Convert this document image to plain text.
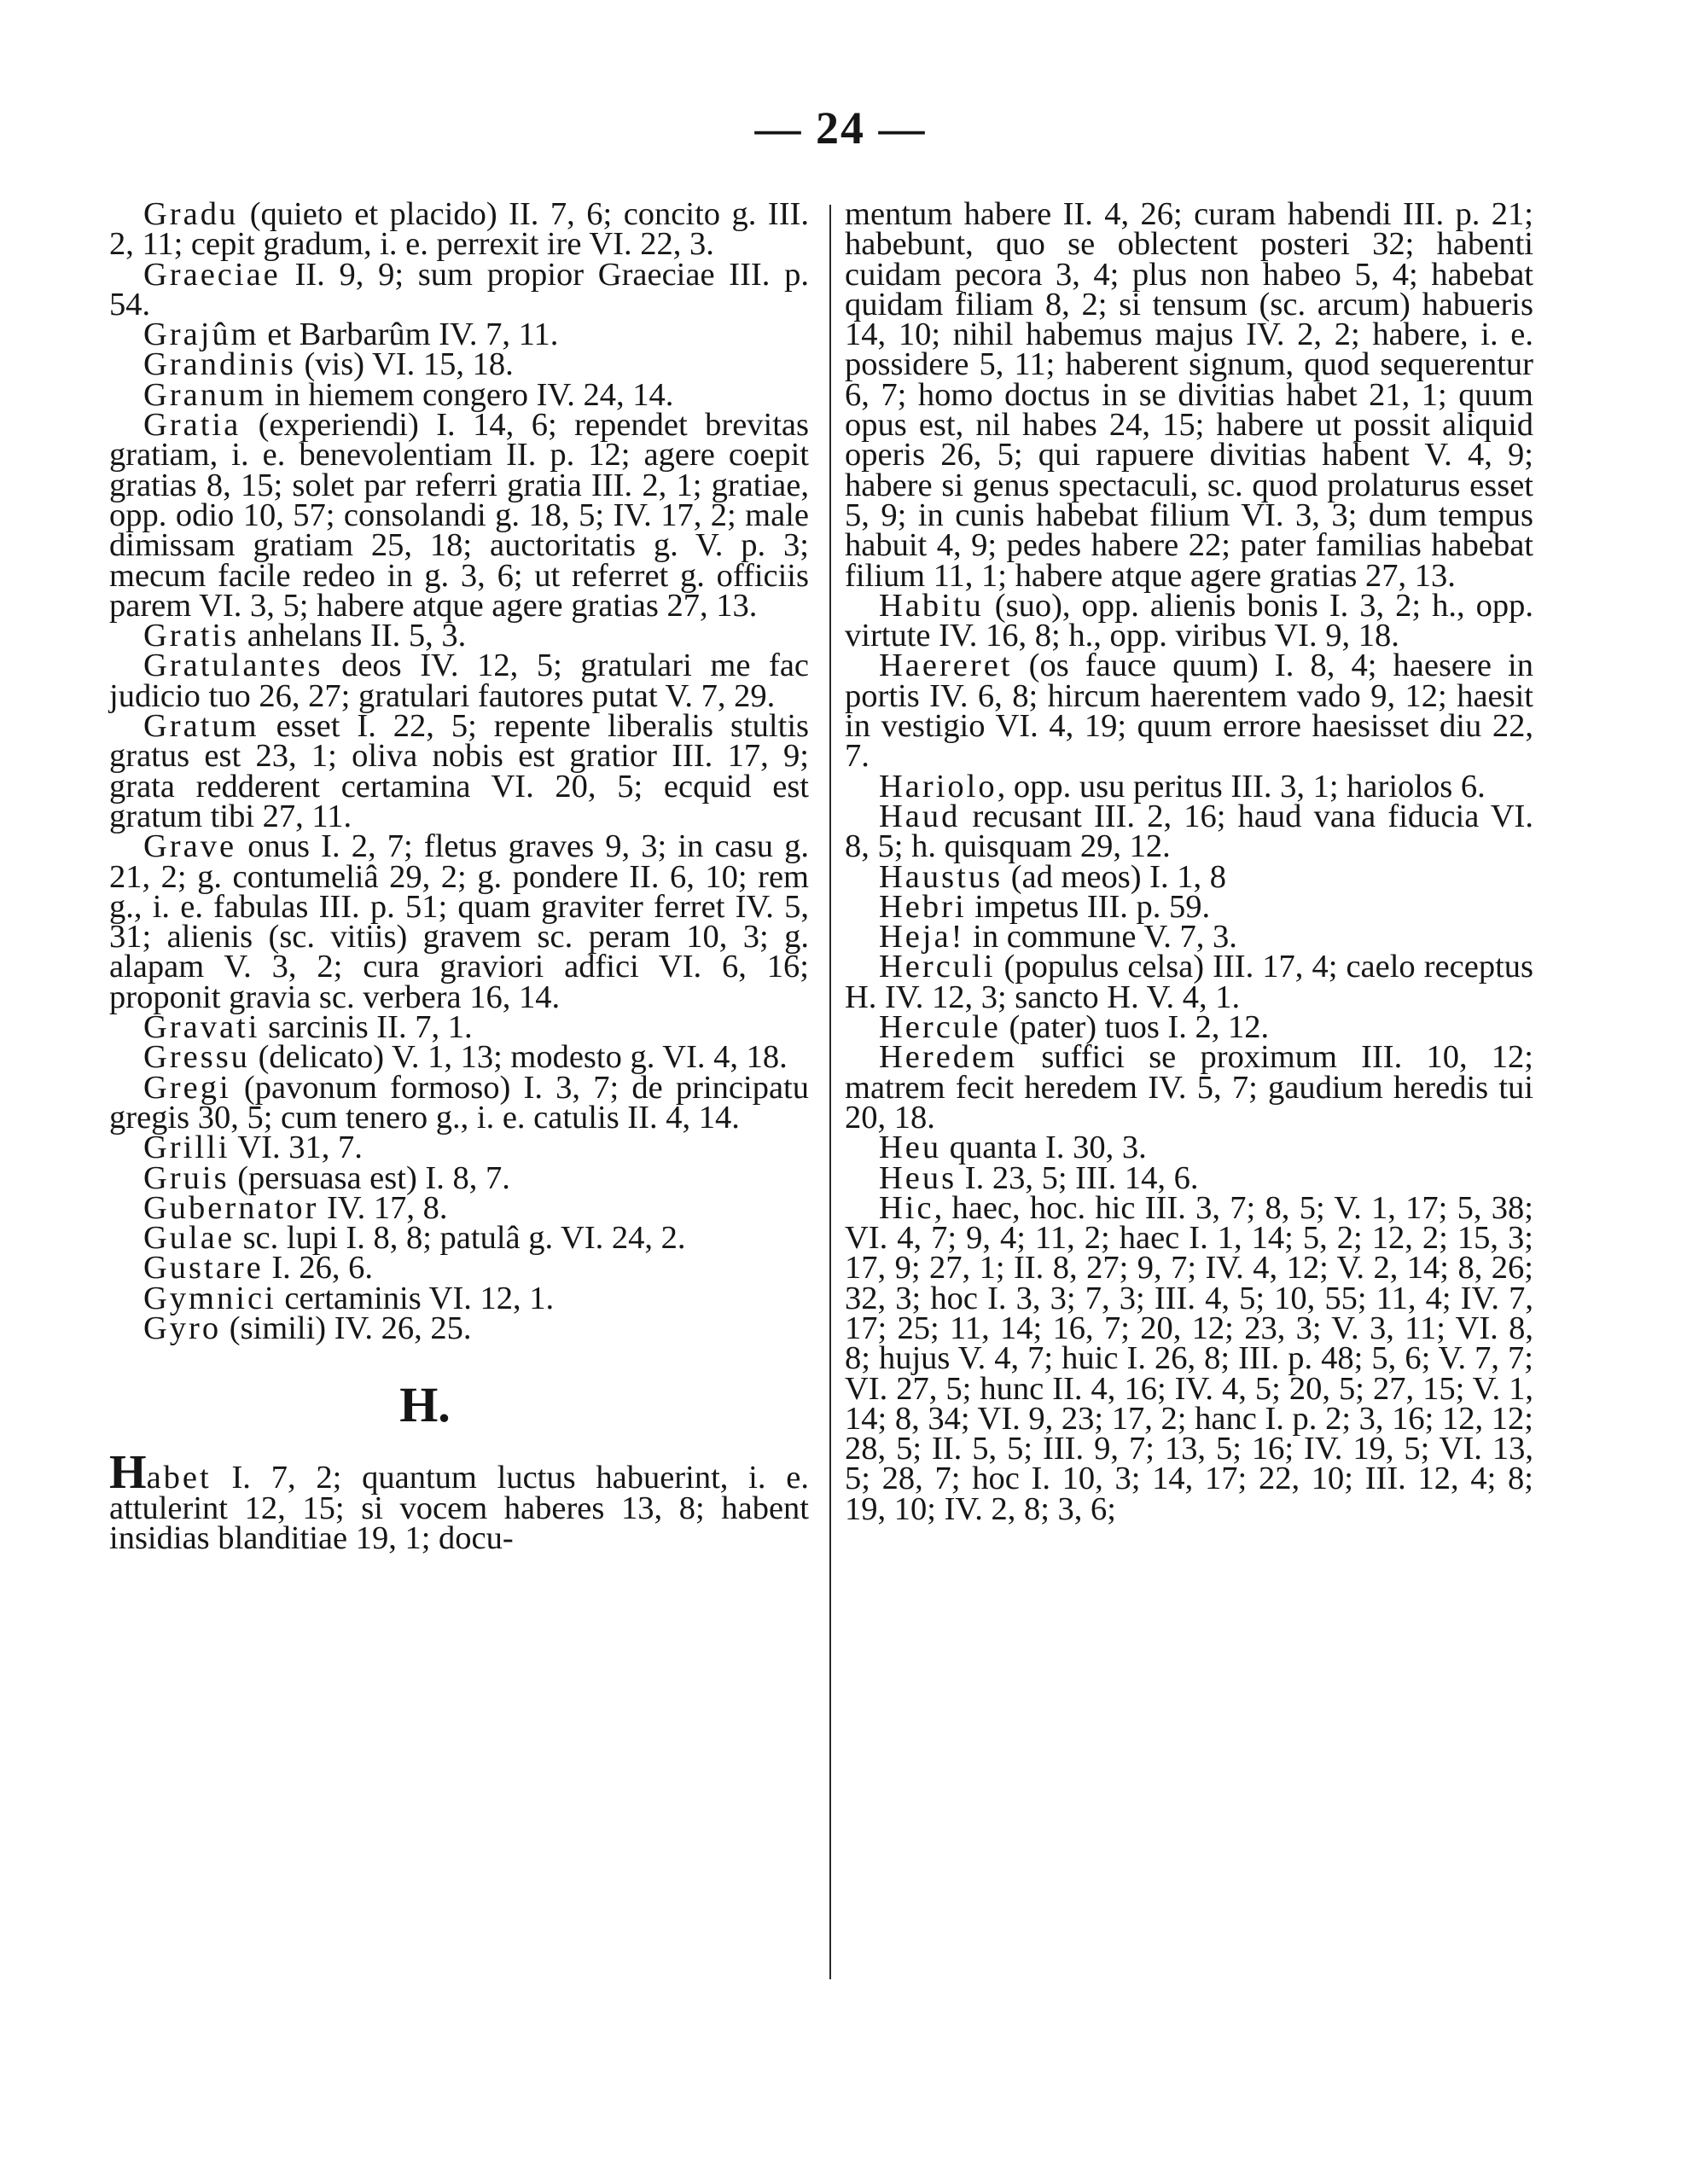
— 24 —

Gradu (quieto et placido) II. 7, 6; concito g. III. 2, 11; cepit gradum, i. e. perrexit ire VI. 22, 3.

Graeciae II. 9, 9; sum propior Graeciae III. p. 54.

Grajûm et Barbarûm IV. 7, 11.

Grandinis (vis) VI. 15, 18.

Granum in hiemem congero IV. 24, 14.

Gratia (experiendi) I. 14, 6; rependet brevitas gratiam, i. e. benevolentiam II. p. 12; agere coepit gratias 8, 15; solet par referri gratia III. 2, 1; gratiae, opp. odio 10, 57; consolandi g. 18, 5; IV. 17, 2; male dimissam gratiam 25, 18; auctoritatis g. V. p. 3; mecum facile redeo in g. 3, 6; ut referret g. officiis parem VI. 3, 5; habere atque agere gratias 27, 13.

Gratis anhelans II. 5, 3.

Gratulantes deos IV. 12, 5; gratulari me fac judicio tuo 26, 27; gratulari fautores putat V. 7, 29.

Gratum esset I. 22, 5; repente liberalis stultis gratus est 23, 1; oliva nobis est gratior III. 17, 9; grata redderent certamina VI. 20, 5; ecquid est gratum tibi 27, 11.

Grave onus I. 2, 7; fletus graves 9, 3; in casu g. 21, 2; g. contumeliâ 29, 2; g. pondere II. 6, 10; rem g., i. e. fabulas III. p. 51; quam graviter ferret IV. 5, 31; alienis (sc. vitiis) gravem sc. peram 10, 3; g. alapam V. 3, 2; cura graviori adfici VI. 6, 16; proponit gravia sc. verbera 16, 14.

Gravati sarcinis II. 7, 1.

Gressu (delicato) V. 1, 13; modesto g. VI. 4, 18.

Gregi (pavonum formoso) I. 3, 7; de principatu gregis 30, 5; cum tenero g., i. e. catulis II. 4, 14.

Grilli VI. 31, 7.

Gruis (persuasa est) I. 8, 7.

Gubernator IV. 17, 8.

Gulae sc. lupi I. 8, 8; patulâ g. VI. 24, 2.

Gustare I. 26, 6.

Gymnici certaminis VI. 12, 1.

Gyro (simili) IV. 26, 25.

H.

Habet I. 7, 2; quantum luctus habuerint, i. e. attulerint 12, 15; si vocem haberes 13, 8; habent insidias blanditiae 19, 1; docu-

mentum habere II. 4, 26; curam habendi III. p. 21; habebunt, quo se oblectent posteri 32; habenti cuidam pecora 3, 4; plus non habeo 5, 4; habebat quidam filiam 8, 2; si tensum (sc. arcum) habueris 14, 10; nihil habemus majus IV. 2, 2; habere, i. e. possidere 5, 11; haberent signum, quod sequerentur 6, 7; homo doctus in se divitias habet 21, 1; quum opus est, nil habes 24, 15; habere ut possit aliquid operis 26, 5; qui rapuere divitias habent V. 4, 9; habere si genus spectaculi, sc. quod prolaturus esset 5, 9; in cunis habebat filium VI. 3, 3; dum tempus habuit 4, 9; pedes habere 22; pater familias habebat filium 11, 1; habere atque agere gratias 27, 13.

Habitu (suo), opp. alienis bonis I. 3, 2; h., opp. virtute IV. 16, 8; h., opp. viribus VI. 9, 18.

Haereret (os fauce quum) I. 8, 4; haesere in portis IV. 6, 8; hircum haerentem vado 9, 12; haesit in vestigio VI. 4, 19; quum errore haesisset diu 22, 7.

Hariolo, opp. usu peritus III. 3, 1; hariolos 6.

Haud recusant III. 2, 16; haud vana fiducia VI. 8, 5; h. quisquam 29, 12.

Haustus (ad meos) I. 1, 8

Hebri impetus III. p. 59.

Heja! in commune V. 7, 3.

Herculi (populus celsa) III. 17, 4; caelo receptus H. IV. 12, 3; sancto H. V. 4, 1.

Hercule (pater) tuos I. 2, 12.

Heredem suffici se proximum III. 10, 12; matrem fecit heredem IV. 5, 7; gaudium heredis tui 20, 18.

Heu quanta I. 30, 3.

Heus I. 23, 5; III. 14, 6.

Hic, haec, hoc. hic III. 3, 7; 8, 5; V. 1, 17; 5, 38; VI. 4, 7; 9, 4; 11, 2; haec I. 1, 14; 5, 2; 12, 2; 15, 3; 17, 9; 27, 1; II. 8, 27; 9, 7; IV. 4, 12; V. 2, 14; 8, 26; 32, 3; hoc I. 3, 3; 7, 3; III. 4, 5; 10, 55; 11, 4; IV. 7, 17; 25; 11, 14; 16, 7; 20, 12; 23, 3; V. 3, 11; VI. 8, 8; hujus V. 4, 7; huic I. 26, 8; III. p. 48; 5, 6; V. 7, 7; VI. 27, 5; hunc II. 4, 16; IV. 4, 5; 20, 5; 27, 15; V. 1, 14; 8, 34; VI. 9, 23; 17, 2; hanc I. p. 2; 3, 16; 12, 12; 28, 5; II. 5, 5; III. 9, 7; 13, 5; 16; IV. 19, 5; VI. 13, 5; 28, 7; hoc I. 10, 3; 14, 17; 22, 10; III. 12, 4; 8; 19, 10; IV. 2, 8; 3, 6;
